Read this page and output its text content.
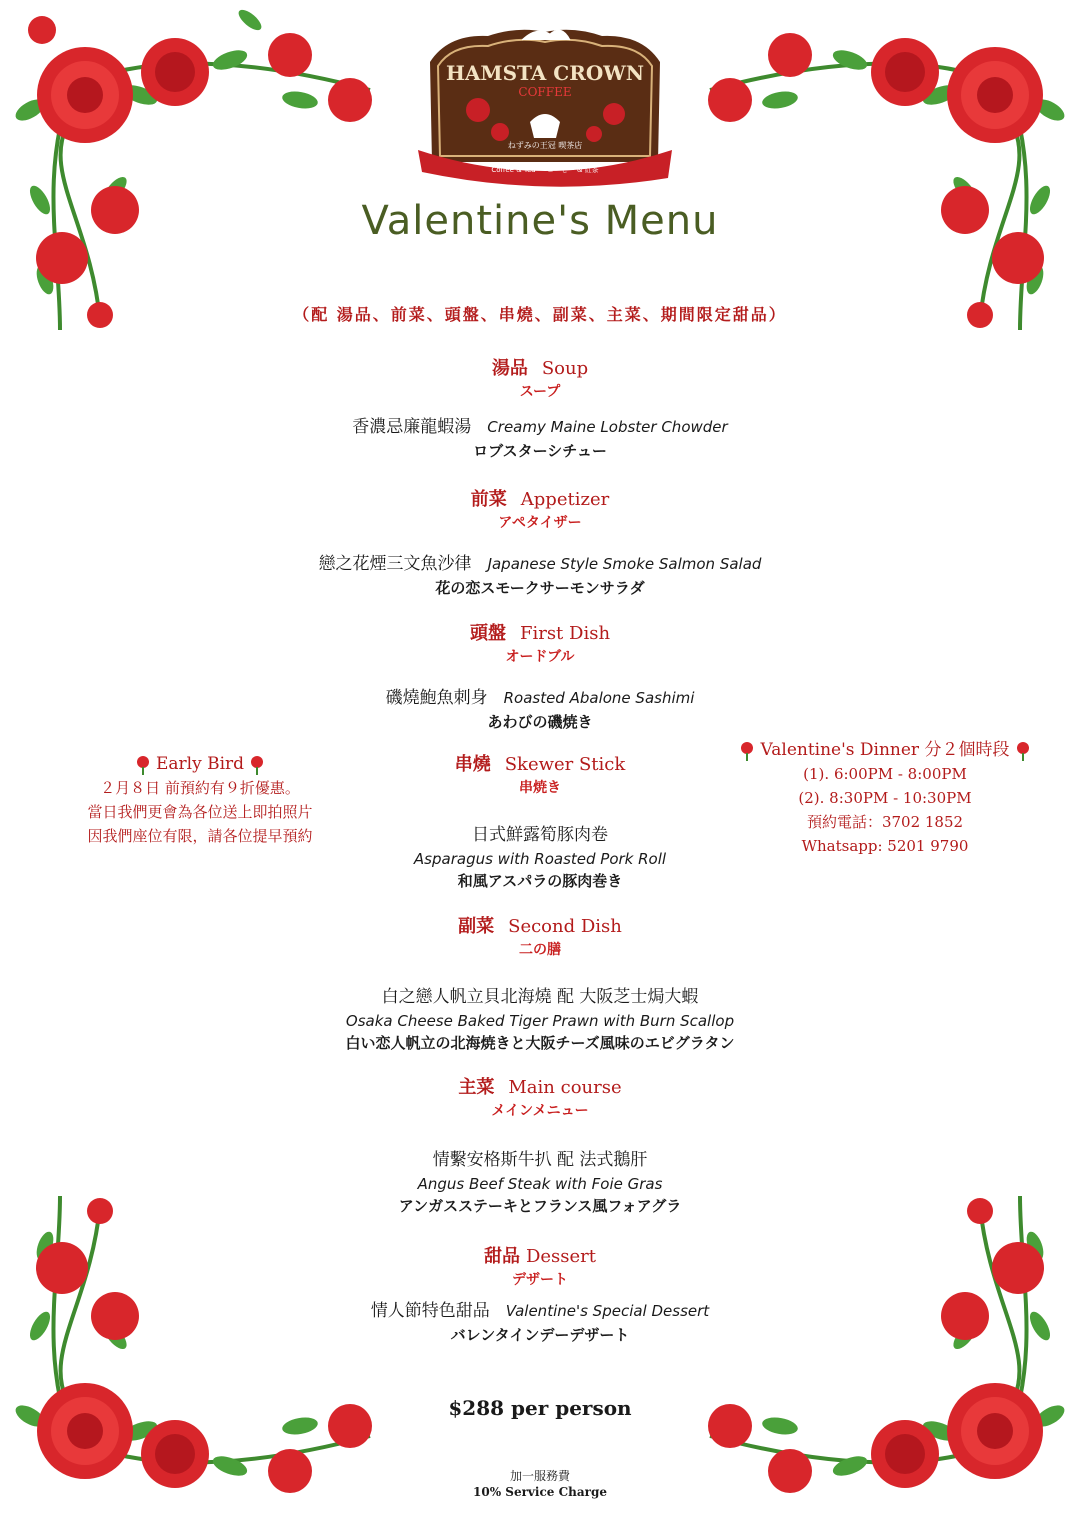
HAMSTA CROWN
COFFEE
ねずみの王冠 喫茶店
Coffee & Tea ・ コーヒー & 紅茶
Valentine's Menu
（配 湯品、前菜、頭盤、串燒、副菜、主菜、期間限定甜品）
湯品 Soup
スープ
香濃忌廉龍蝦湯 Creamy Maine Lobster Chowder
ロブスターシチュー
前菜 Appetizer
アペタイザー
戀之花煙三文魚沙律 Japanese Style Smoke Salmon Salad
花の恋スモークサーモンサラダ
頭盤 First Dish
オードブル
磯燒鮑魚刺身 Roasted Abalone Sashimi
あわびの磯焼き
串燒 Skewer Stick
串焼き
日式鮮露筍豚肉卷
Asparagus with Roasted Pork Roll
和風アスパラの豚肉巻き
副菜 Second Dish
二の膳
白之戀人帆立貝北海燒 配 大阪芝士焗大蝦
Osaka Cheese Baked Tiger Prawn with Burn Scallop
白い恋人帆立の北海焼きと大阪チーズ風味のエビグラタン
主菜 Main course
メインメニュー
情繫安格斯牛扒 配 法式鵝肝
Angus Beef Steak with Foie Gras
アンガスステーキとフランス風フォアグラ
甜品 Dessert
デザート
情人節特色甜品 Valentine's Special Dessert
バレンタインデーデザート
Early Bird
２月８日 前預約有９折優惠。
當日我們更會為各位送上即拍照片
因我們座位有限，請各位提早預約
Valentine's Dinner 分２個時段
(1). 6:00PM - 8:00PM
(2). 8:30PM - 10:30PM
預約電話：3702 1852
Whatsapp: 5201 9790
$288 per person
加一服務費
10% Service Charge
